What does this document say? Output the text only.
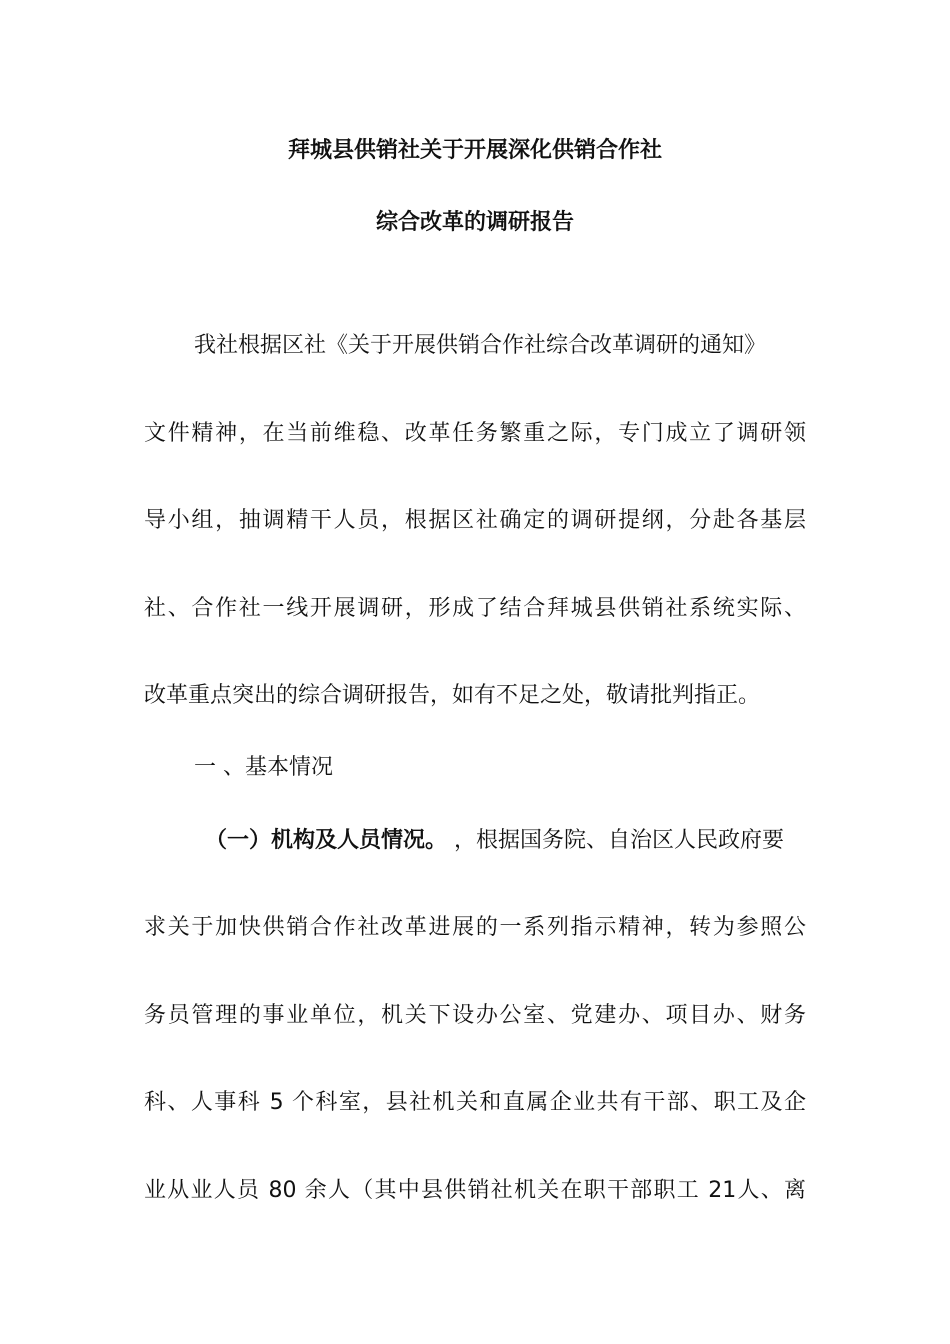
拜城县供销社关于开展深化供销合作社
综合改革的调研报告
我社根据区社《关于开展供销合作社综合改革调研的通知》
文件精神，在当前维稳、改革任务繁重之际，专门成立了调研领
导小组，抽调精干人员，根据区社确定的调研提纲，分赴各基层
社、合作社一线开展调研，形成了结合拜城县供销社系统实际、
改革重点突出的综合调研报告，如有不足之处，敬请批判指正。
一 、基本情况
（一）机构及人员情况。 ，根据国务院、自治区人民政府要
求关于加快供销合作社改革进展的一系列指示精神，转为参照公
务员管理的事业单位，机关下设办公室、党建办、项目办、财务
科、人事科 5 个科室，县社机关和直属企业共有干部、职工及企
业从业人员 80 余人（其中县供销社机关在职干部职工 21人、离
